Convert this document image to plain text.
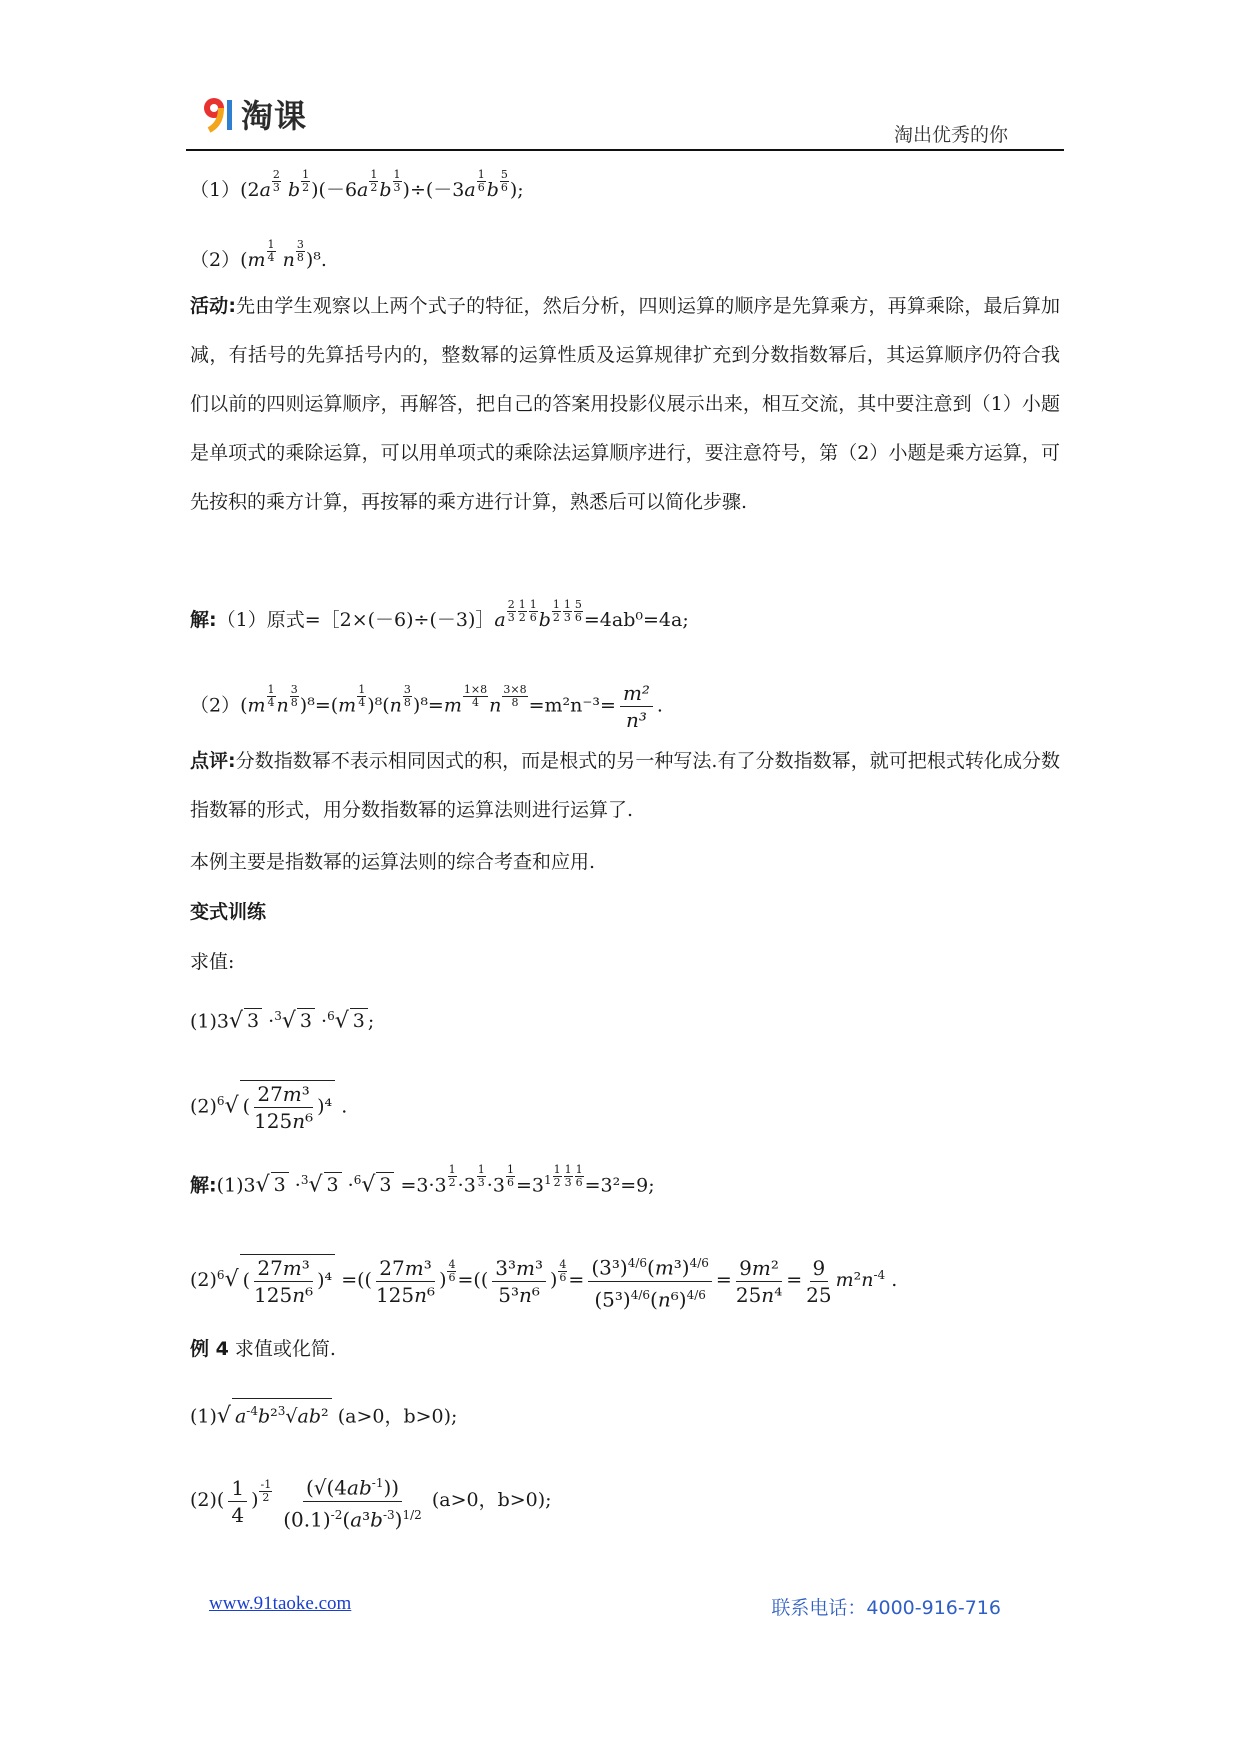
淘课	淘出优秀的你
$(1)(2a \frac{2}{3}$ b $\frac{1}{2} )(-6a \frac{1}{2}$ b $\frac{1}{3} )\div(-3a \frac{1}{6}$ b $\frac{5}{6}$ );
$(2)(m \frac{1}{4}$ n $\frac{3}{8} )^8$.
活动:先由学生观察以上两个式子的特征，然后分析，四则运算的顺序是先算乘方，再算乘除，最后算加减，有括号的先算括号内的，整数幂的运算性质及运算规律扩充到分数指数幂后，其运算顺序仍符合我们以前的四则运算顺序，再解答，把自己的答案用投影仪展示出来，相互交流，其中要注意到（1）小题是单项式的乘除运算，可以用单项式的乘除法运算顺序进行，要注意符号，第（2）小题是乘方运算，可先按积的乘方计算，再按幂的乘方进行计算，熟悉后可以简化步骤.
解:（1）原式=［2×(－6)÷(－3)］a $\frac{2}{3} \frac{1}{2} \frac{1}{6}$ b $\frac{1}{2} \frac{1}{3} \frac{5}{6} =4ab^0=4a$;
$(2)(m \frac{1}{4}$ n $\frac{3}{8} )^8=(m \frac{1}{4} )^8(n \frac{3}{8} )^8=m \frac{1\times 8}{4}$ n $\frac{3\times 8}{8} =m^2n^{-3}= \frac{\text{m²}}{\text{n³}}$ .
点评:分数指数幂不表示相同因式的积，而是根式的另一种写法.有了分数指数幂，就可把根式转化成分数指数幂的形式，用分数指数幂的运算法则进行运算了.
本例主要是指数幂的运算法则的综合考查和应用.
变式训练
求值:
(1)3√ 3 ·$^3$√ 3 ·$^6$√ 3 ;
$(2)^6√$ ( $\frac{\text{27m³}}{\text{125n⁶}} )^4$ .
解:(1)3√ 3 ·$^3$√ 3 ·$^6$√ $3 =3\cdot 3 \frac{1}{2} \cdot 3 \frac{1}{3} \cdot 3 \frac{1}{6} =3^1 \frac{1}{2} \frac{1}{3} \frac{1}{6} =3^2=9$;
$(2)^6√$ ( $\frac{\text{27m³}}{\text{125n⁶}} )^4$ =(( $\frac{\text{27m³}}{\text{125n⁶}}$ ) $\frac{4}{6}$ =(( $\frac{\text{3³m³}}{\text{5³n⁶}}$ ) $\frac{4}{6} = \frac{(3^3)^{4/6}(m^3)^{4/6}}{(5^3)^{4/6}(n^6)^{4/6}} = \frac{\text{9m²}}{\text{25n⁴}} = \frac{9}{25} m^2n^{-4}$ .
例 4 求值或化简.
(1)√ $a^{-4}b^2^3√ab^2$ (a>0，b>0);
$(2)( \frac{1}{4}$ ) $\frac{-1}{2}$
$\frac{(√(4ab^{-1}))}{(0.1)^{-2}(a^3b^{-3})^{1/2}} (a>0$，b>0);
www.91taoke.com	联系电话：4000-916-716
